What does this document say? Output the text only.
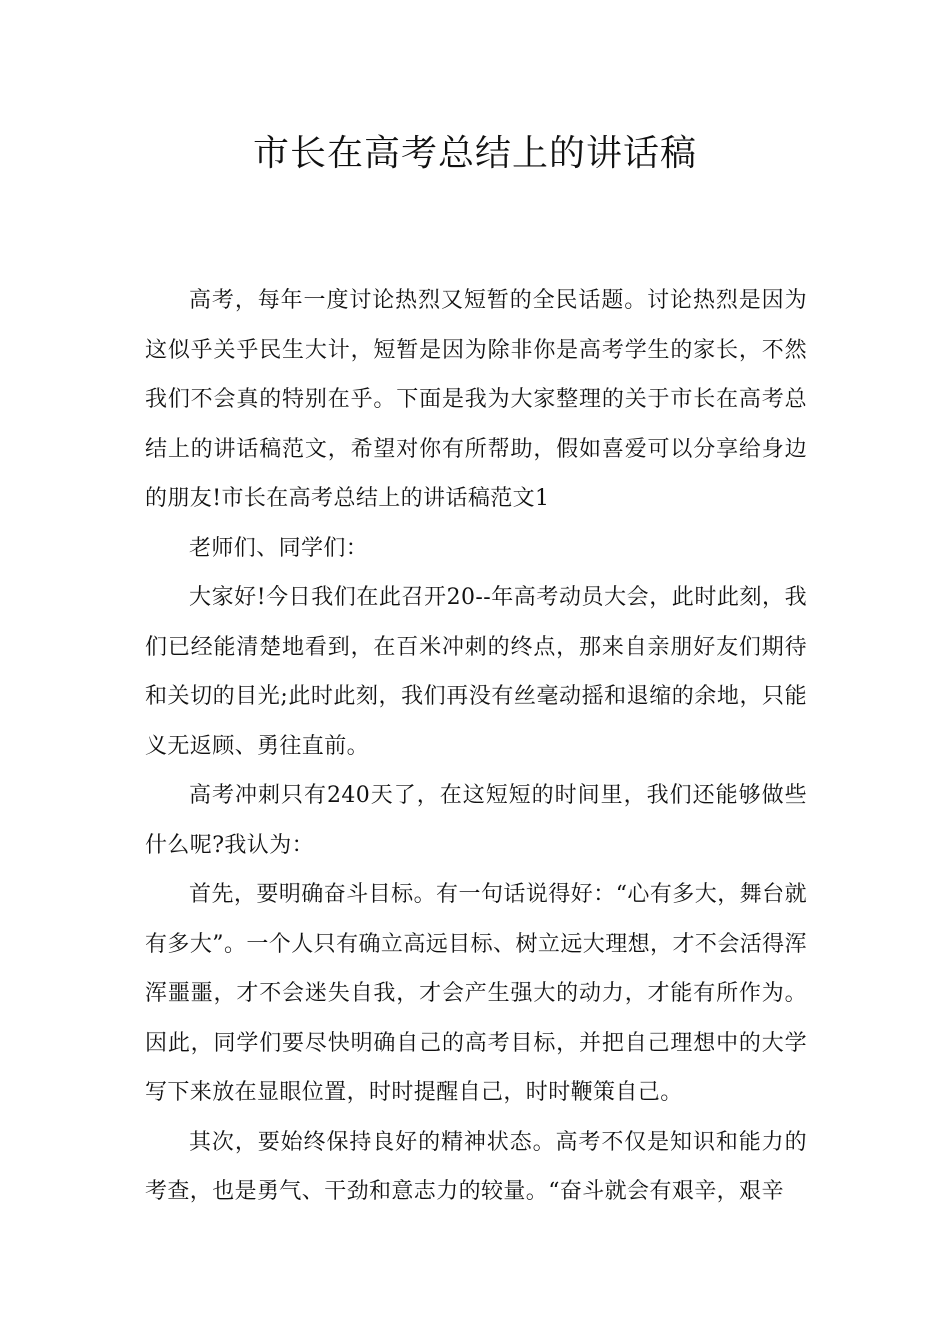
市长在高考总结上的讲话稿

高考，每年一度讨论热烈又短暂的全民话题。讨论热烈是因为这似乎关乎民生大计，短暂是因为除非你是高考学生的家长，不然我们不会真的特别在乎。下面是我为大家整理的关于市长在高考总结上的讲话稿范文，希望对你有所帮助，假如喜爱可以分享给身边的朋友!市长在高考总结上的讲话稿范文1

老师们、同学们：

大家好!今日我们在此召开20--年高考动员大会，此时此刻，我们已经能清楚地看到，在百米冲刺的终点，那来自亲朋好友们期待和关切的目光;此时此刻，我们再没有丝毫动摇和退缩的余地，只能义无返顾、勇往直前。

高考冲刺只有240天了，在这短短的时间里，我们还能够做些什么呢?我认为：

首先，要明确奋斗目标。有一句话说得好：“心有多大，舞台就有多大”。一个人只有确立高远目标、树立远大理想，才不会活得浑浑噩噩，才不会迷失自我，才会产生强大的动力，才能有所作为。因此，同学们要尽快明确自己的高考目标，并把自己理想中的大学写下来放在显眼位置，时时提醒自己，时时鞭策自己。

其次，要始终保持良好的精神状态。高考不仅是知识和能力的考查，也是勇气、干劲和意志力的较量。“奋斗就会有艰辛，艰辛
